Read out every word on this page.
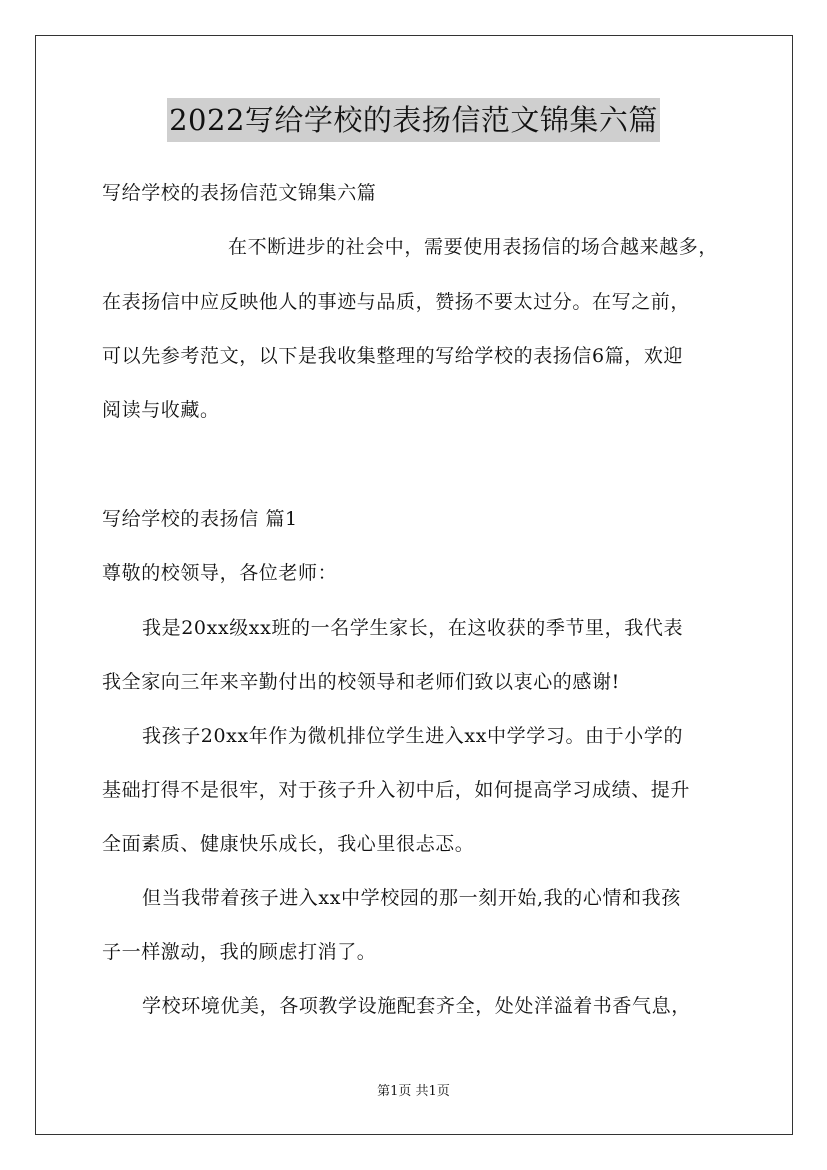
2022写给学校的表扬信范文锦集六篇
写给学校的表扬信范文锦集六篇
在不断进步的社会中，需要使用表扬信的场合越来越多，
在表扬信中应反映他人的事迹与品质，赞扬不要太过分。在写之前，
可以先参考范文，以下是我收集整理的写给学校的表扬信6篇，欢迎
阅读与收藏。
写给学校的表扬信 篇1
尊敬的校领导，各位老师：
我是20xx级xx班的一名学生家长，在这收获的季节里，我代表
我全家向三年来辛勤付出的校领导和老师们致以衷心的感谢!
我孩子20xx年作为微机排位学生进入xx中学学习。由于小学的
基础打得不是很牢，对于孩子升入初中后，如何提高学习成绩、提升
全面素质、健康快乐成长，我心里很忐忑。
但当我带着孩子进入xx中学校园的那一刻开始,我的心情和我孩
子一样激动，我的顾虑打消了。
学校环境优美，各项教学设施配套齐全，处处洋溢着书香气息，
第1页 共1页
